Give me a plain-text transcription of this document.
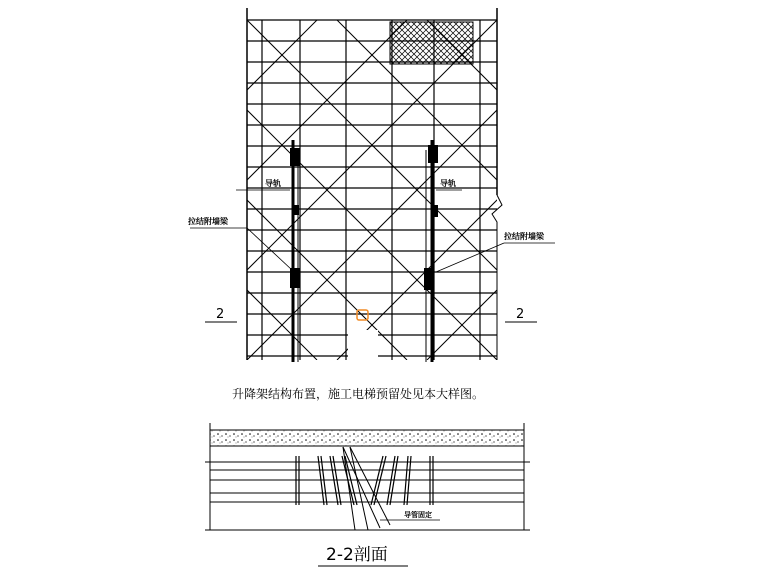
2	2
导轨
拉结附墙梁
导轨
拉结附墙梁
升降架结构布置，施工电梯预留处见本大样图。
导管固定
2-2剖面
